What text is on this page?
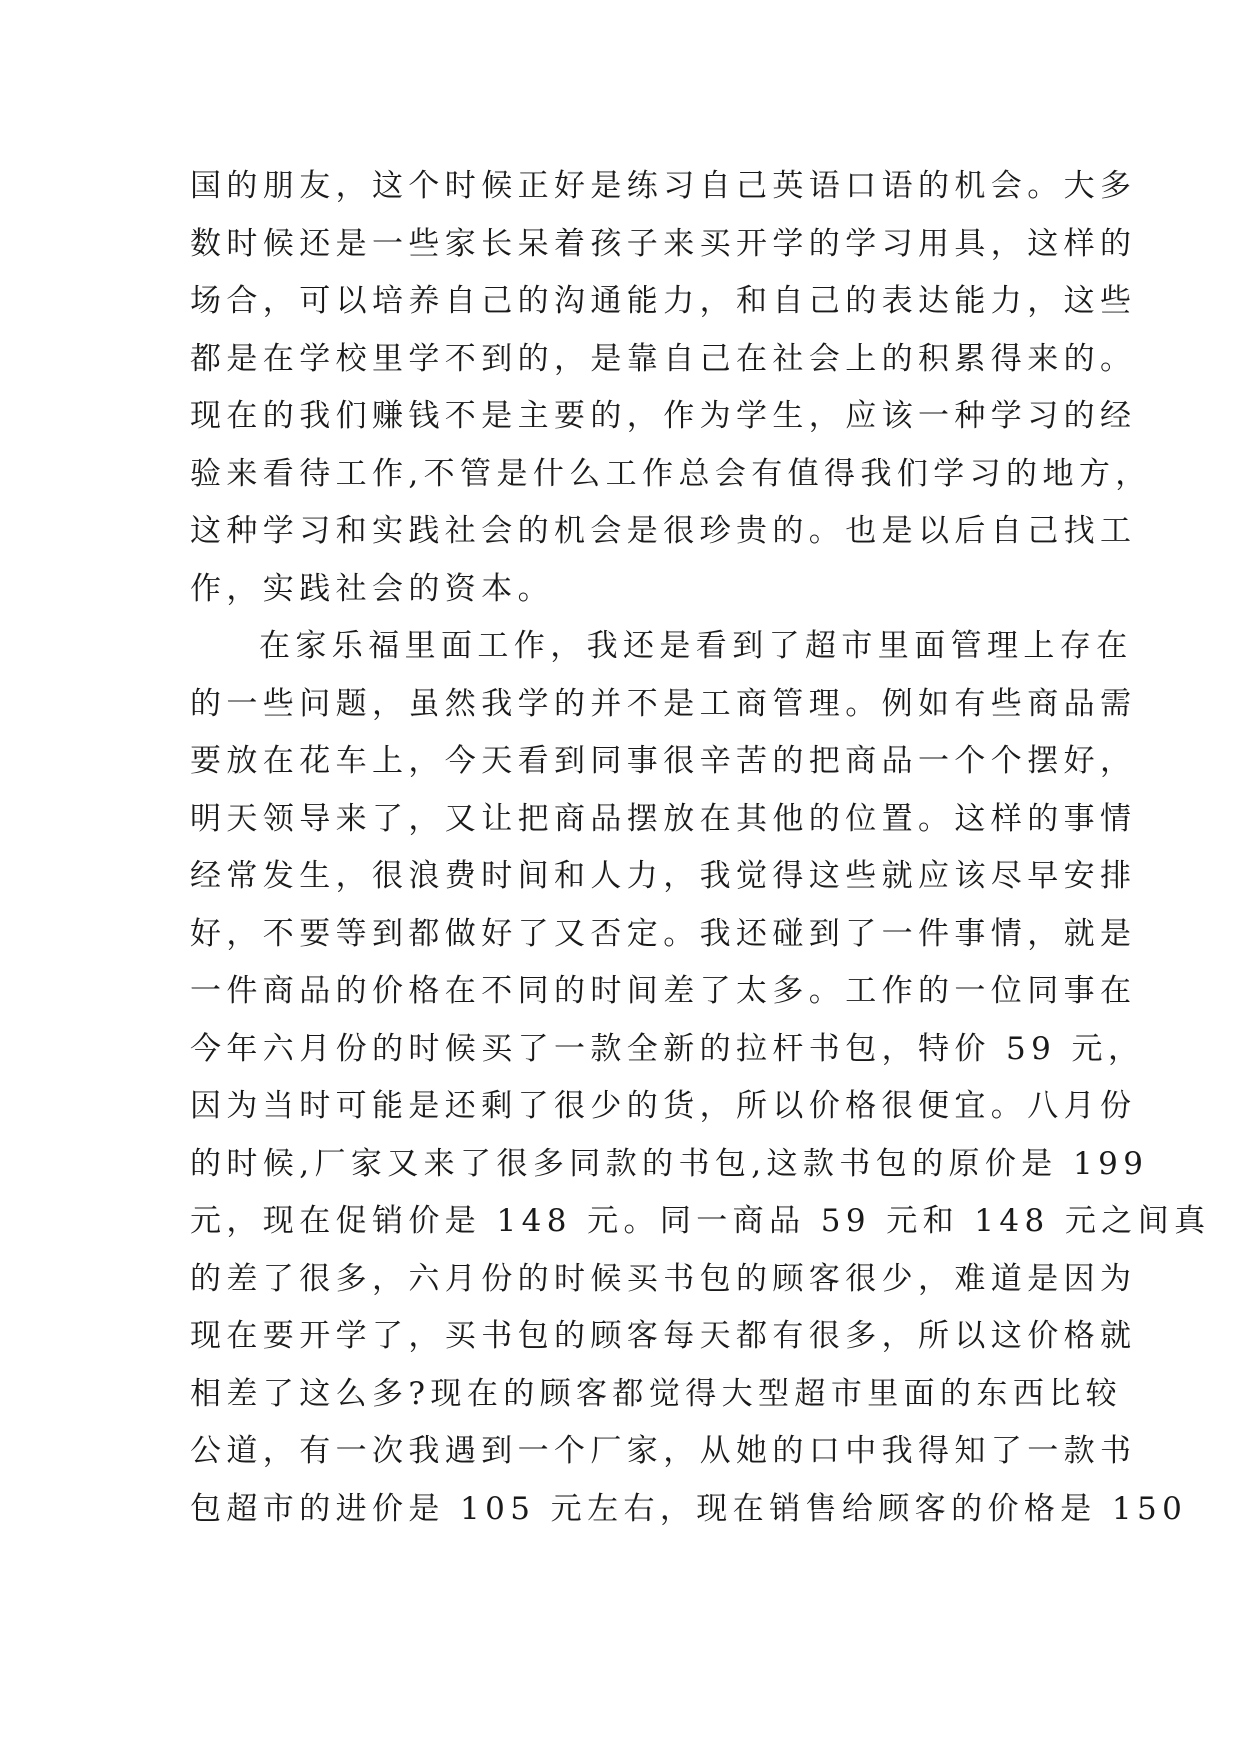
国的朋友，这个时候正好是练习自己英语口语的机会。大多
数时候还是一些家长呆着孩子来买开学的学习用具，这样的
场合，可以培养自己的沟通能力，和自己的表达能力，这些
都是在学校里学不到的，是靠自己在社会上的积累得来的。
现在的我们赚钱不是主要的，作为学生，应该一种学习的经
验来看待工作,不管是什么工作总会有值得我们学习的地方，
这种学习和实践社会的机会是很珍贵的。也是以后自己找工
作，实践社会的资本。
在家乐福里面工作，我还是看到了超市里面管理上存在
的一些问题，虽然我学的并不是工商管理。例如有些商品需
要放在花车上，今天看到同事很辛苦的把商品一个个摆好，
明天领导来了，又让把商品摆放在其他的位置。这样的事情
经常发生，很浪费时间和人力，我觉得这些就应该尽早安排
好，不要等到都做好了又否定。我还碰到了一件事情，就是
一件商品的价格在不同的时间差了太多。工作的一位同事在
今年六月份的时候买了一款全新的拉杆书包，特价 59 元，
因为当时可能是还剩了很少的货，所以价格很便宜。八月份
的时候,厂家又来了很多同款的书包,这款书包的原价是 199
元，现在促销价是 148 元。同一商品 59 元和 148 元之间真
的差了很多，六月份的时候买书包的顾客很少，难道是因为
现在要开学了，买书包的顾客每天都有很多，所以这价格就
相差了这么多?现在的顾客都觉得大型超市里面的东西比较
公道，有一次我遇到一个厂家，从她的口中我得知了一款书
包超市的进价是 105 元左右，现在销售给顾客的价格是 150
